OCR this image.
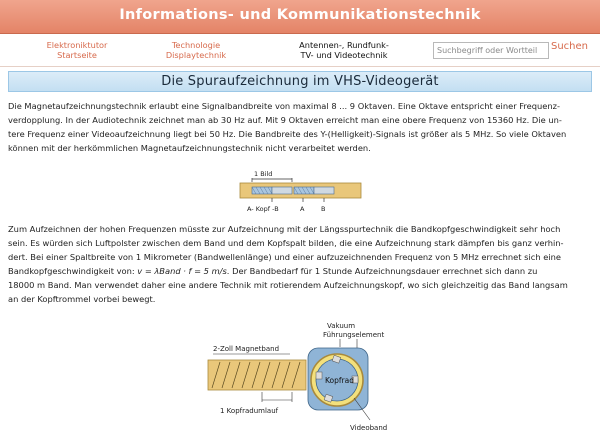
Informations- und Kommunikationstechnik
Elektroniktutor
Startseite
Technologie
Displaytechnik
Antennen-, Rundfunk-
TV- und Videotechnik
Suchbegriff oder Wortteil
Suchen
Die Spuraufzeichnung im VHS-Videogerät
Die Magnetaufzeichnungstechnik erlaubt eine Signalbandbreite von maximal 8 ... 9 Oktaven. Eine Oktave entspricht einer Frequenz-
verdopplung. In der Audiotechnik zeichnet man ab 30 Hz auf. Mit 9 Oktaven erreicht man eine obere Frequenz von 15360 Hz. Die un-
tere Frequenz einer Videoaufzeichnung liegt bei 50 Hz. Die Bandbreite des Y-(Helligkeit)-Signals ist größer als 5 MHz. So viele Oktaven
können mit der herkömmlichen Magnetaufzeichnungstechnik nicht verarbeitet werden.
1 Bild
A- Kopf -B	A	B
Zum Aufzeichnen der hohen Frequenzen müsste zur Aufzeichnung mit der Längsspurtechnik die Bandkopfgeschwindigkeit sehr hoch
sein. Es würden sich Luftpolster zwischen dem Band und dem Kopfspalt bilden, die eine Aufzeichnung stark dämpfen bis ganz verhin-
dert. Bei einer Spaltbreite von 1 Mikrometer (Bandwellenlänge) und einer aufzuzeichnenden Frequenz von 5 MHz errechnet sich eine
Bandkopfgeschwindigkeit von: v = λBand · f = 5 m/s. Der Bandbedarf für 1 Stunde Aufzeichnungsdauer errechnet sich dann zu
18000 m Band. Man verwendet daher eine andere Technik mit rotierendem Aufzeichnungskopf, wo sich gleichzeitig das Band langsam
an der Kopftrommel vorbei bewegt.
2-Zoll Magnetband
1 Kopfradumlauf
Vakuum
Führungselement
Kopfrad
Videoband
